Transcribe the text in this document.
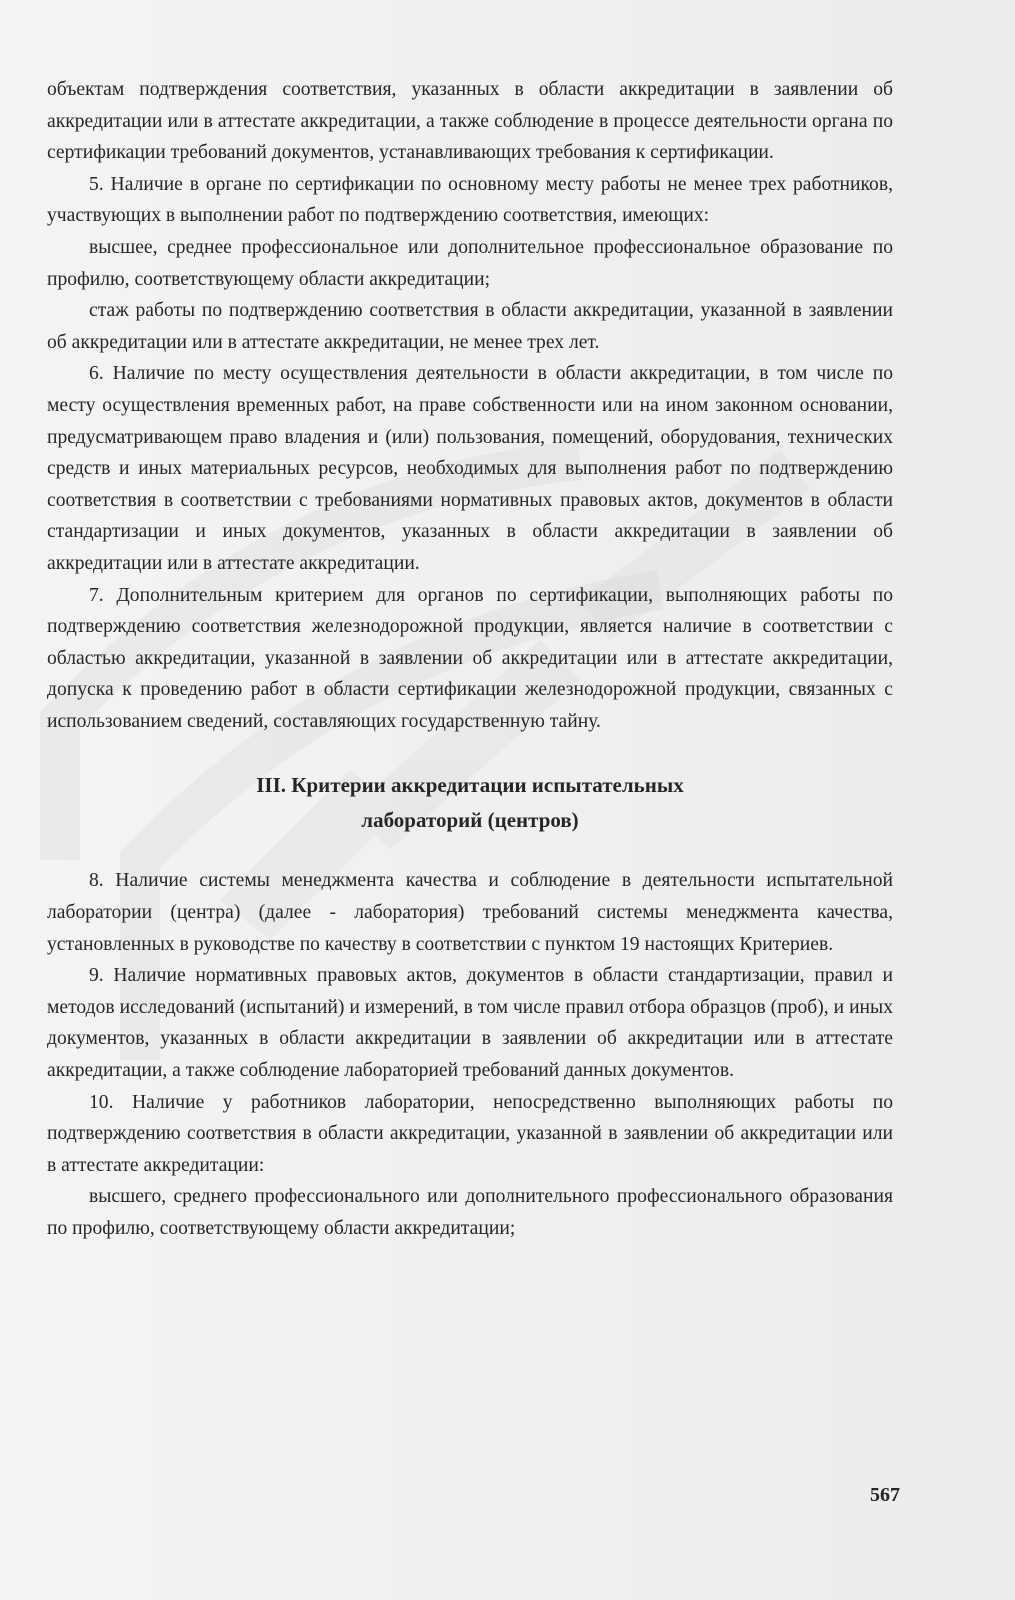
объектам подтверждения соответствия, указанных в области аккредитации в заявлении об аккредитации или в аттестате аккредитации, а также соблюдение в процессе деятельности органа по сертификации требований документов, устанавливающих требования к сертификации.

5. Наличие в органе по сертификации по основному месту работы не менее трех работников, участвующих в выполнении работ по подтверждению соответствия, имеющих:

высшее, среднее профессиональное или дополнительное профессиональное образование по профилю, соответствующему области аккредитации;

стаж работы по подтверждению соответствия в области аккредитации, указанной в заявлении об аккредитации или в аттестате аккредитации, не менее трех лет.

6. Наличие по месту осуществления деятельности в области аккредитации, в том числе по месту осуществления временных работ, на праве собственности или на ином законном основании, предусматривающем право владения и (или) пользования, помещений, оборудования, технических средств и иных материальных ресурсов, необходимых для выполнения работ по подтверждению соответствия в соответствии с требованиями нормативных правовых актов, документов в области стандартизации и иных документов, указанных в области аккредитации в заявлении об аккредитации или в аттестате аккредитации.

7. Дополнительным критерием для органов по сертификации, выполняющих работы по подтверждению соответствия железнодорожной продукции, является наличие в соответствии с областью аккредитации, указанной в заявлении об аккредитации или в аттестате аккредитации, допуска к проведению работ в области сертификации железнодорожной продукции, связанных с использованием сведений, составляющих государственную тайну.

III. Критерии аккредитации испытательных
лабораторий (центров)

8. Наличие системы менеджмента качества и соблюдение в деятельности испытательной лаборатории (центра) (далее - лаборатория) требований системы менеджмента качества, установленных в руководстве по качеству в соответствии с пунктом 19 настоящих Критериев.

9. Наличие нормативных правовых актов, документов в области стандартизации, правил и методов исследований (испытаний) и измерений, в том числе правил отбора образцов (проб), и иных документов, указанных в области аккредитации в заявлении об аккредитации или в аттестате аккредитации, а также соблюдение лабораторией требований данных документов.

10. Наличие у работников лаборатории, непосредственно выполняющих работы по подтверждению соответствия в области аккредитации, указанной в заявлении об аккредитации или в аттестате аккредитации:

высшего, среднего профессионального или дополнительного профессионального образования по профилю, соответствующему области аккредитации;

567
